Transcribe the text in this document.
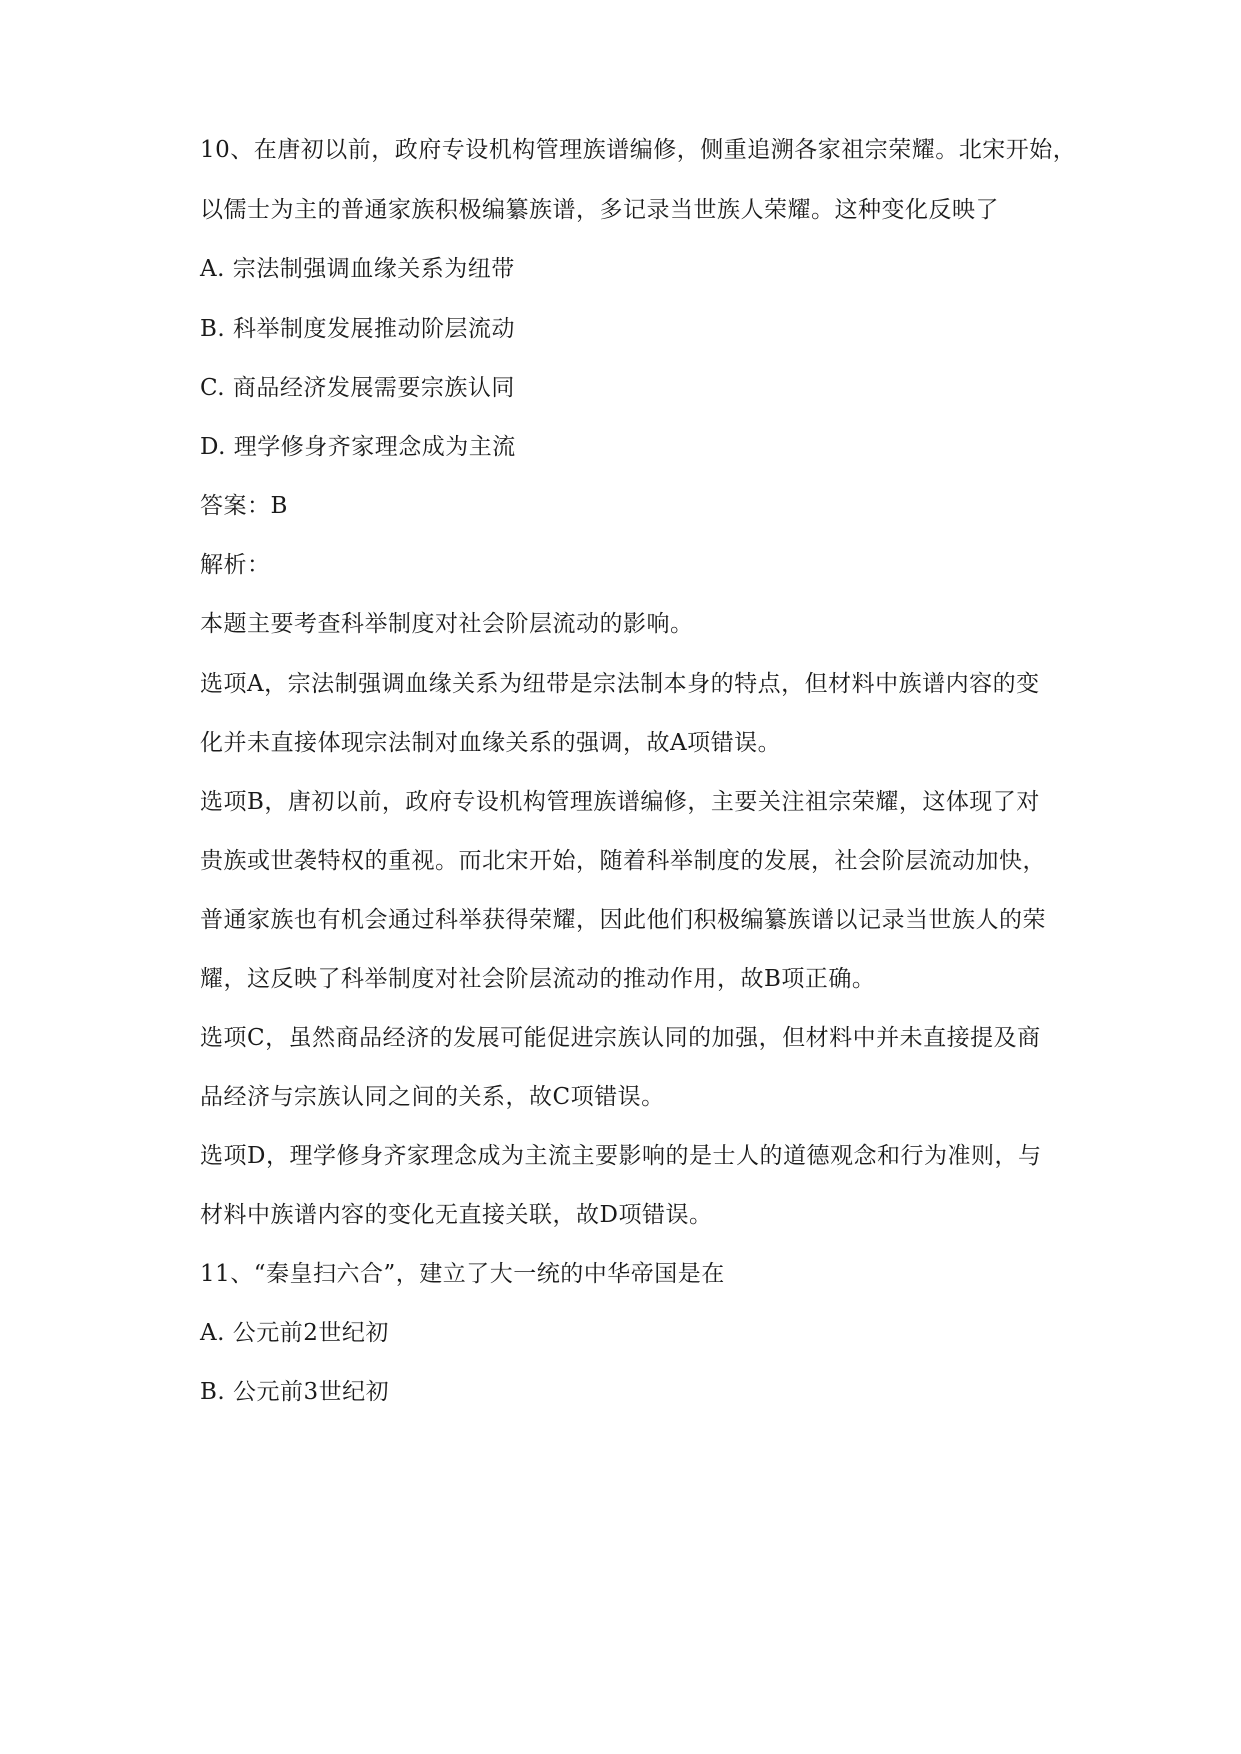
10、在唐初以前，政府专设机构管理族谱编修，侧重追溯各家祖宗荣耀。北宋开始，
以儒士为主的普通家族积极编纂族谱，多记录当世族人荣耀。这种变化反映了
A. 宗法制强调血缘关系为纽带
B. 科举制度发展推动阶层流动
C. 商品经济发展需要宗族认同
D. 理学修身齐家理念成为主流
答案：B
解析：
本题主要考查科举制度对社会阶层流动的影响。
选项A，宗法制强调血缘关系为纽带是宗法制本身的特点，但材料中族谱内容的变
化并未直接体现宗法制对血缘关系的强调，故A项错误。
选项B，唐初以前，政府专设机构管理族谱编修，主要关注祖宗荣耀，这体现了对
贵族或世袭特权的重视。而北宋开始，随着科举制度的发展，社会阶层流动加快，
普通家族也有机会通过科举获得荣耀，因此他们积极编纂族谱以记录当世族人的荣
耀，这反映了科举制度对社会阶层流动的推动作用，故B项正确。
选项C，虽然商品经济的发展可能促进宗族认同的加强，但材料中并未直接提及商
品经济与宗族认同之间的关系，故C项错误。
选项D，理学修身齐家理念成为主流主要影响的是士人的道德观念和行为准则，与
材料中族谱内容的变化无直接关联，故D项错误。
11、“秦皇扫六合”，建立了大一统的中华帝国是在
A. 公元前2世纪初
B. 公元前3世纪初
